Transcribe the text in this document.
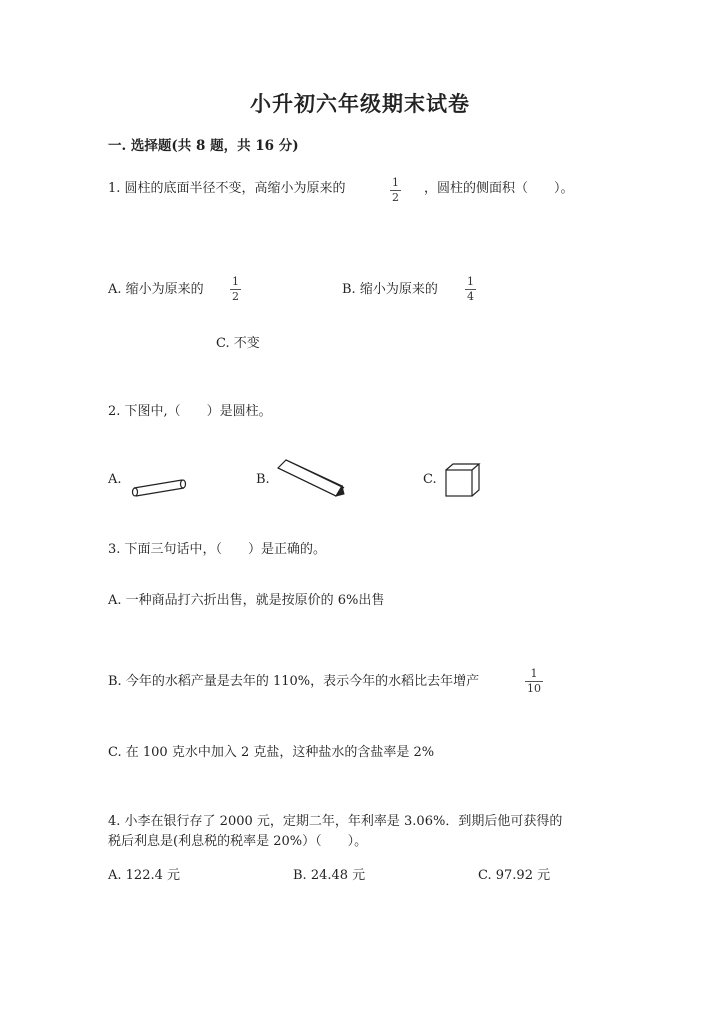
小升初六年级期末试卷
一. 选择题(共 8 题，共 16 分)
1. 圆柱的底面半径不变，高缩小为原来的	1
2
，圆柱的侧面积（　　）。
A. 缩小为原来的
1
2	B. 缩小为原来的
1
4
C. 不变
2. 下图中,（　　）是圆柱。
A.	B.	C.
3. 下面三句话中，（　　）是正确的。
A. 一种商品打六折出售，就是按原价的 6%出售
B. 今年的水稻产量是去年的 110%，表示今年的水稻比去年增产
1
10
C. 在 100 克水中加入 2 克盐，这种盐水的含盐率是 2%
4. 小李在银行存了 2000 元，定期二年，年利率是 3.06%．到期后他可获得的
税后利息是(利息税的税率是 20%）（　　）。
A. 122.4 元	B. 24.48 元	C. 97.92 元
